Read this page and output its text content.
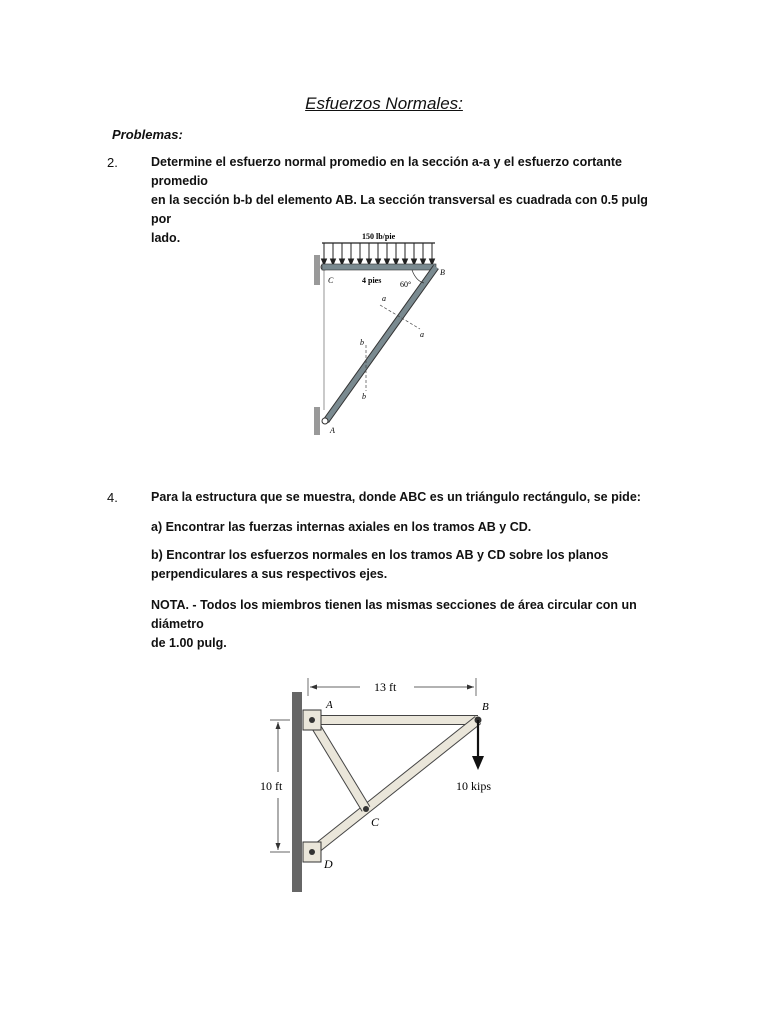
Esfuerzos Normales:
Problemas:
2.	Determine el esfuerzo normal promedio en la sección a-a y el esfuerzo cortante promedio
en la sección b-b del elemento AB. La sección transversal es cuadrada con 0.5 pulg por
lado.	150 lb/pie
C	4 pies 60°
B
a
a
b
b
A
4.	Para la estructura que se muestra, donde ABC es un triángulo rectángulo, se pide:
a) Encontrar las fuerzas internas axiales en los tramos AB y CD.
b) Encontrar los esfuerzos normales en los tramos AB y CD sobre los planos
perpendiculares a sus respectivos ejes.
NOTA. - Todos los miembros tienen las mismas secciones de área circular con un diámetro
de 1.00 pulg.
13 ft
10 ft	10 kips
A	B
C
D
